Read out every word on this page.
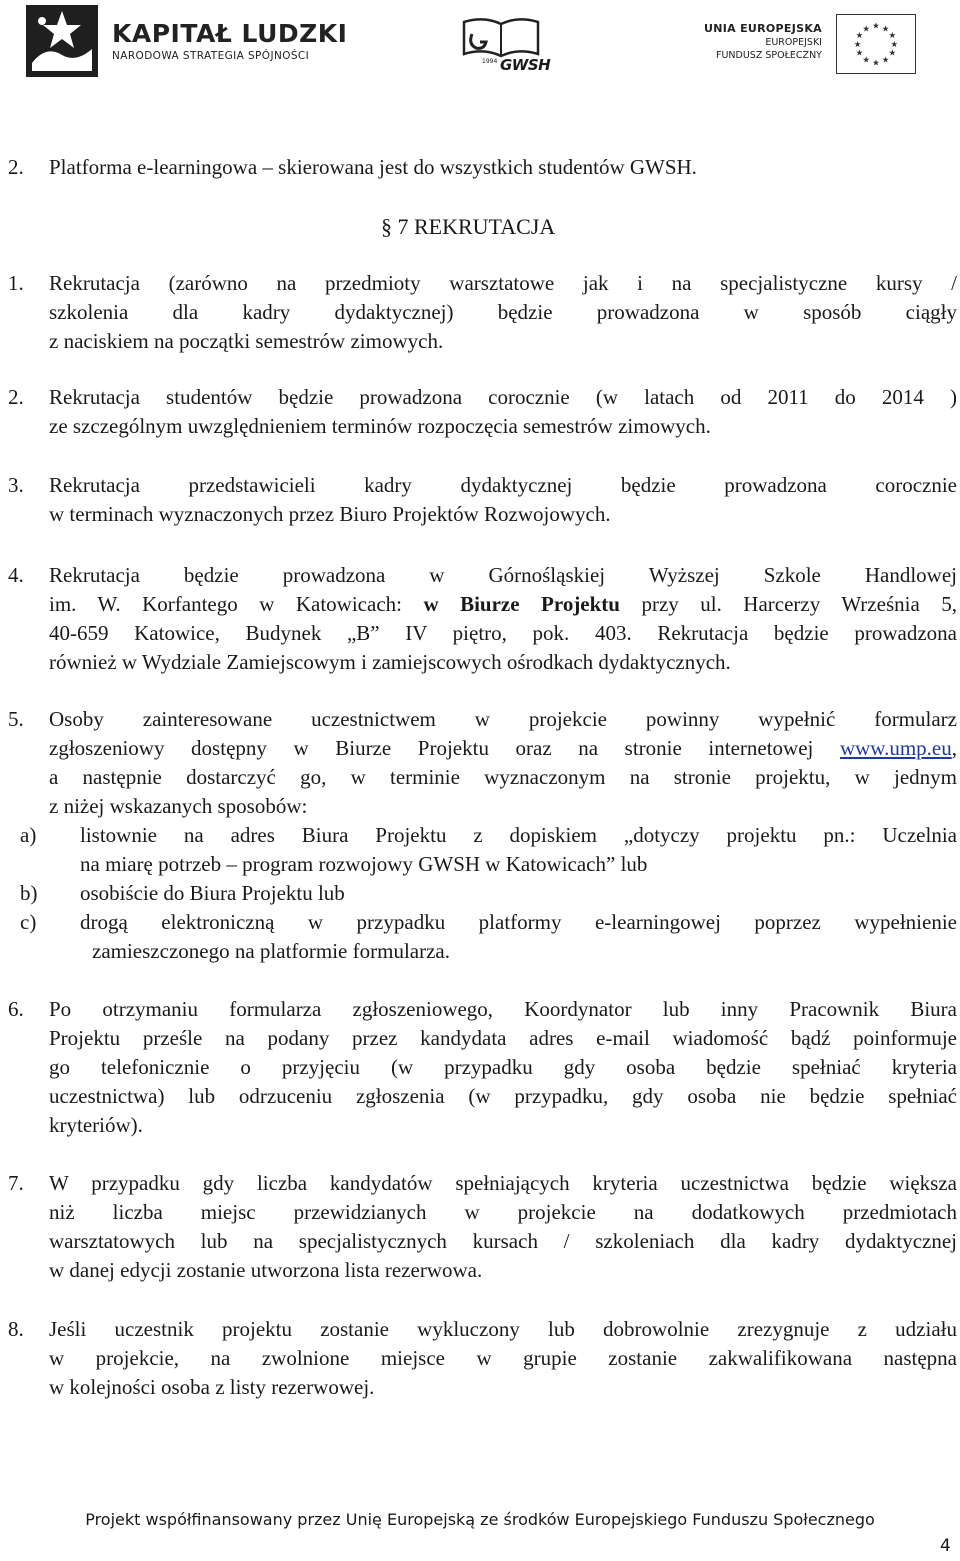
KAPITAŁ LUDZKI
NARODOWA STRATEGIA SPÓJNOŚCI	1994 GWSH
UNIA EUROPEJSKA
EUROPEJSKI
FUNDUSZ SPOŁECZNY
★ ★
★
★
★
★
★
★
★
★
★
★
2. Platforma e-learningowa – skierowana jest do wszystkich studentów GWSH.
§ 7 REKRUTACJA
1. Rekrutacja (zarówno na przedmioty warsztatowe jak i na specjalistyczne kursy /
szkolenia dla kadry dydaktycznej) będzie prowadzona w sposób ciągły
z naciskiem na początki semestrów zimowych.
2. Rekrutacja studentów będzie prowadzona corocznie (w latach od 2011 do 2014 )
ze szczególnym uwzględnieniem terminów rozpoczęcia semestrów zimowych.
3. Rekrutacja przedstawicieli kadry dydaktycznej będzie prowadzona corocznie
w terminach wyznaczonych przez Biuro Projektów Rozwojowych.
4. Rekrutacja będzie prowadzona w Górnośląskiej Wyższej Szkole Handlowej
im. W. Korfantego w Katowicach: w Biurze Projektu przy ul. Harcerzy Września 5,
40-659 Katowice, Budynek „B” IV piętro, pok. 403. Rekrutacja będzie prowadzona
również w Wydziale Zamiejscowym i zamiejscowych ośrodkach dydaktycznych.
5. Osoby zainteresowane uczestnictwem w projekcie powinny wypełnić formularz
zgłoszeniowy dostępny w Biurze Projektu oraz na stronie internetowej www.ump.eu,
a następnie dostarczyć go, w terminie wyznaczonym na stronie projektu, w jednym
z niżej wskazanych sposobów:
a) listownie na adres Biura Projektu z dopiskiem „dotyczy projektu pn.: Uczelnia
na miarę potrzeb – program rozwojowy GWSH w Katowicach” lub
b) osobiście do Biura Projektu lub
c) drogą elektroniczną w przypadku platformy e-learningowej poprzez wypełnienie
zamieszczonego na platformie formularza.
6. Po otrzymaniu formularza zgłoszeniowego, Koordynator lub inny Pracownik Biura
Projektu prześle na podany przez kandydata adres e-mail wiadomość bądź poinformuje
go telefonicznie o przyjęciu (w przypadku gdy osoba będzie spełniać kryteria
uczestnictwa) lub odrzuceniu zgłoszenia (w przypadku, gdy osoba nie będzie spełniać
kryteriów).
7. W przypadku gdy liczba kandydatów spełniających kryteria uczestnictwa będzie większa
niż liczba miejsc przewidzianych w projekcie na dodatkowych przedmiotach
warsztatowych lub na specjalistycznych kursach / szkoleniach dla kadry dydaktycznej
w danej edycji zostanie utworzona lista rezerwowa.
8. Jeśli uczestnik projektu zostanie wykluczony lub dobrowolnie zrezygnuje z udziału
w projekcie, na zwolnione miejsce w grupie zostanie zakwalifikowana następna
w kolejności osoba z listy rezerwowej.
Projekt współfinansowany przez Unię Europejską ze środków Europejskiego Funduszu Społecznego
4
